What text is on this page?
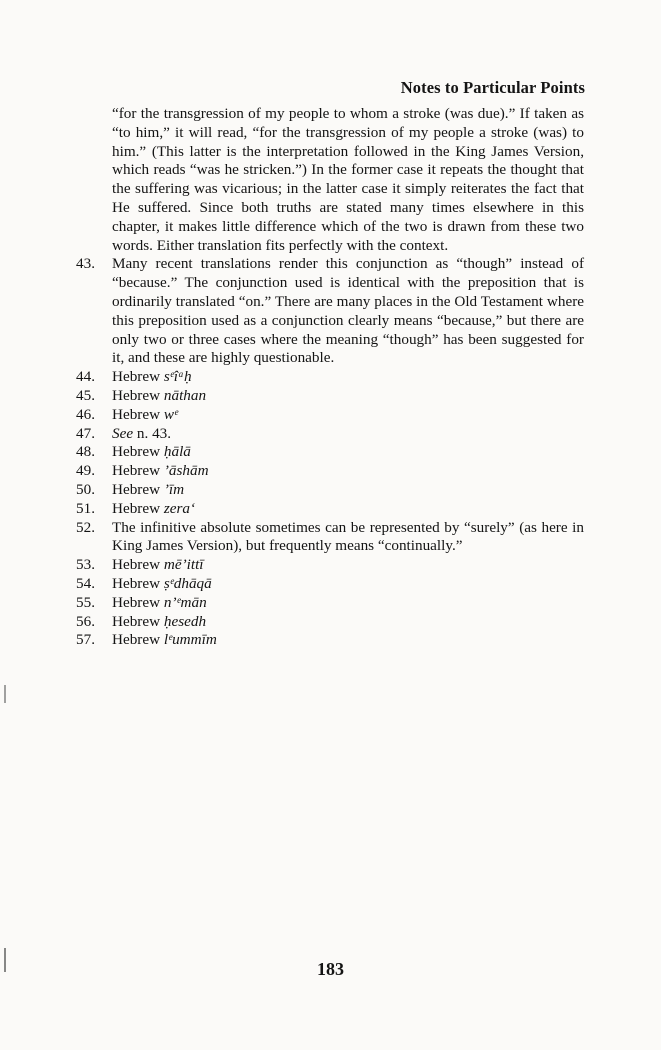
Notes to Particular Points
“for the transgression of my people to whom a stroke (was due).” If taken as “to him,” it will read, “for the transgression of my people a stroke (was) to him.” (This latter is the interpretation followed in the King James Version, which reads “was he stricken.”) In the former case it repeats the thought that the suffering was vicarious; in the latter case it simply reiterates the fact that He suffered. Since both truths are stated many times elsewhere in this chapter, it makes little difference which of the two is drawn from these two words. Either translation fits perfectly with the context.
43.	Many recent translations render this conjunction as “though” instead of “because.” The conjunction used is identical with the preposition that is ordinarily translated “on.” There are many places in the Old Testament where this preposition used as a conjunction clearly means “because,” but there are only two or three cases where the meaning “though” has been suggested for it, and these are highly questionable.
44.	Hebrew sᵉîᵃḥ
45.	Hebrew nāthan
46.	Hebrew wᵉ
47.	See n. 43.
48.	Hebrew ḥālā
49.	Hebrew ’āshām
50.	Hebrew ’īm
51.	Hebrew zera‘
52.	The infinitive absolute sometimes can be represented by “surely” (as here in King James Version), but frequently means “continually.”
53.	Hebrew mē’ittī
54.	Hebrew ṣᵉdhāqā
55.	Hebrew n’ᵉmān
56.	Hebrew ḥesedh
57.	Hebrew lᵉummīm
183
